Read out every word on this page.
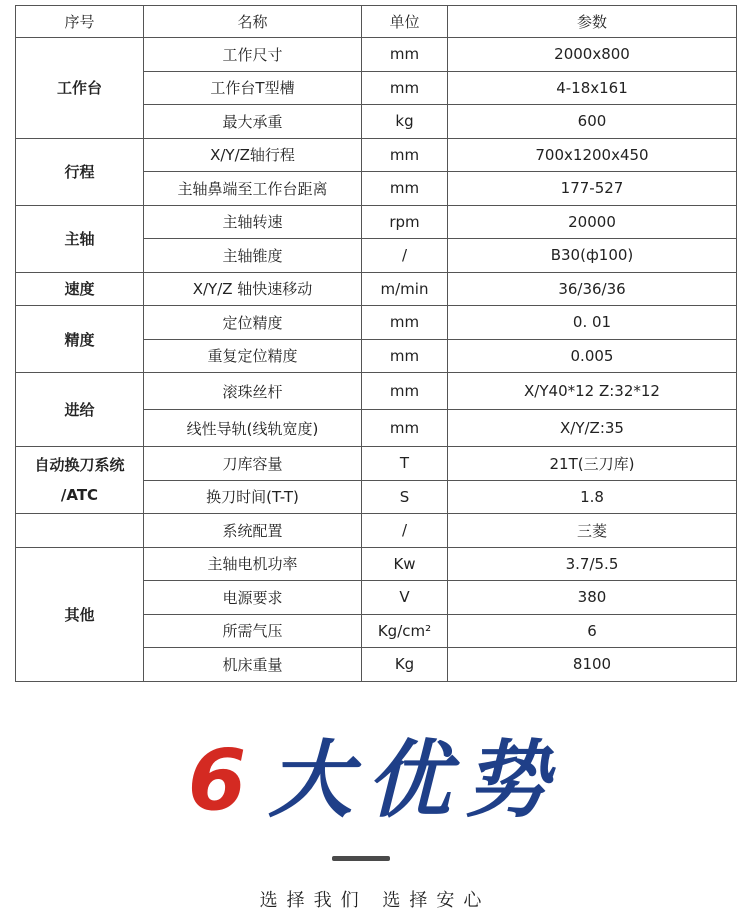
序号	名称	单位	参数
工作台	工作尺寸	mm	2000x800
	工作台T型槽	mm	4-18x161
	最大承重	kg	600
行程	X/Y/Z轴行程	mm	700x1200x450
	主轴鼻端至工作台距离	mm	177-527
主轴	主轴转速	rpm	20000
	主轴锥度	/	B30(ф100)
速度	X/Y/Z 轴快速移动	m/min	36/36/36
精度	定位精度	mm	0. 01
	重复定位精度	mm	0.005
进给	滚珠丝杆	mm	X/Y40*12 Z:32*12
	线性导轨(线轨宽度)	mm	X/Y/Z:35
自动换刀系统
/ATC	刀库容量	T	21T(三刀库)
	换刀时间(T-T)	S	1.8
	系统配置	/	三菱
其他	主轴电机功率	Kw	3.7/5.5
	电源要求	V	380
	所需气压	Kg/cm²	6
	机床重量	Kg	8100
6大优势
选择我们 选择安心
